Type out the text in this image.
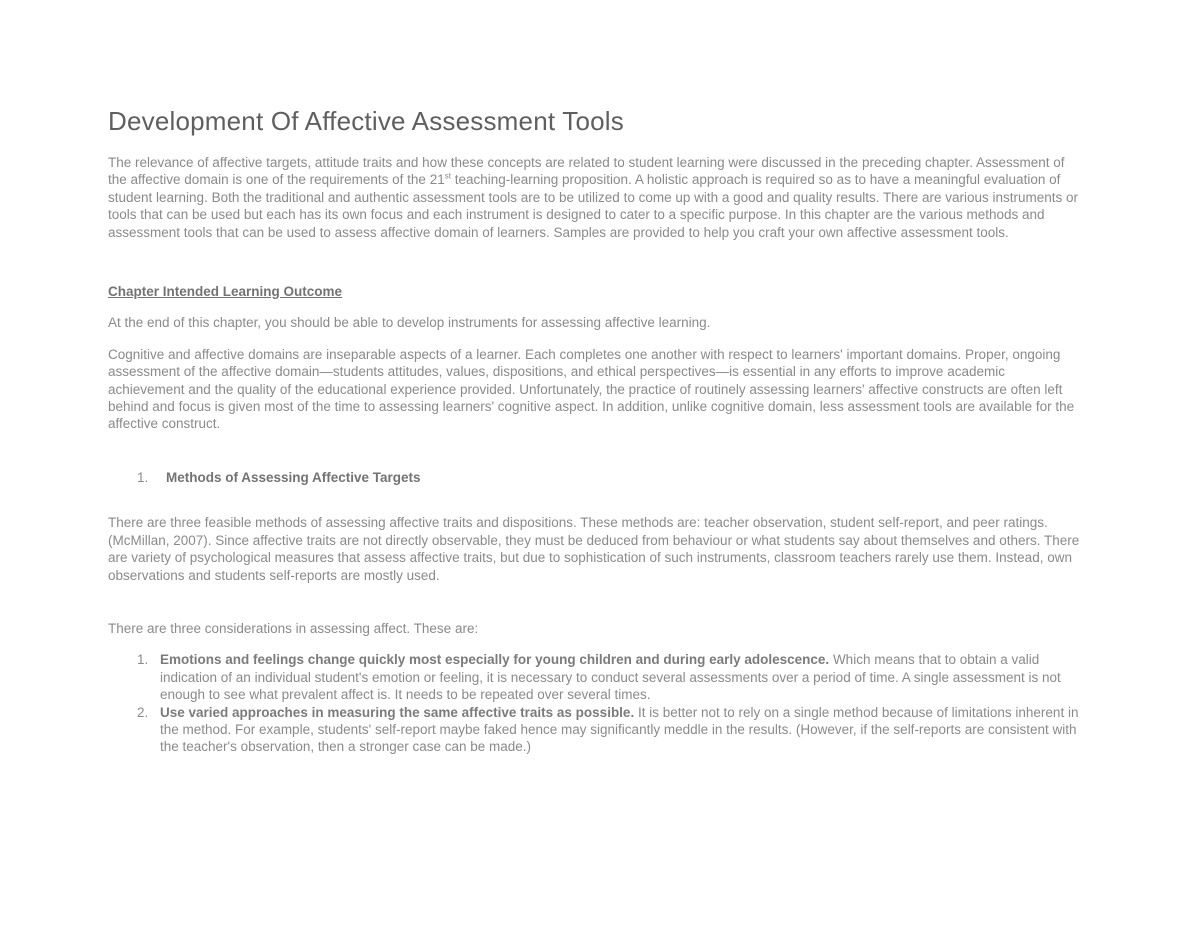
Development Of Affective Assessment Tools

The relevance of affective targets, attitude traits and how these concepts are related to student learning were discussed in the preceding chapter. Assessment of the affective domain is one of the requirements of the 21st teaching-learning proposition. A holistic approach is required so as to have a meaningful evaluation of student learning. Both the traditional and authentic assessment tools are to be utilized to come up with a good and quality results. There are various instruments or tools that can be used but each has its own focus and each instrument is designed to cater to a specific purpose. In this chapter are the various methods and assessment tools that can be used to assess affective domain of learners. Samples are provided to help you craft your own affective assessment tools.

Chapter Intended Learning Outcome

At the end of this chapter, you should be able to develop instruments for assessing affective learning.

Cognitive and affective domains are inseparable aspects of a learner. Each completes one another with respect to learners' important domains. Proper, ongoing assessment of the affective domain—students attitudes, values, dispositions, and ethical perspectives—is essential in any efforts to improve academic achievement and the quality of the educational experience provided. Unfortunately, the practice of routinely assessing learners' affective constructs are often left behind and focus is given most of the time to assessing learners' cognitive aspect. In addition, unlike cognitive domain, less assessment tools are available for the affective construct.

1.	Methods of Assessing Affective Targets

There are three feasible methods of assessing affective traits and dispositions. These methods are: teacher observation, student self-report, and peer ratings. (McMillan, 2007). Since affective traits are not directly observable, they must be deduced from behaviour or what students say about themselves and others. There are variety of psychological measures that assess affective traits, but due to sophistication of such instruments, classroom teachers rarely use them. Instead, own observations and students self-reports are mostly used.

There are three considerations in assessing affect. These are:

1. Emotions and feelings change quickly most especially for young children and during early adolescence. Which means that to obtain a valid indication of an individual student's emotion or feeling, it is necessary to conduct several assessments over a period of time. A single assessment is not enough to see what prevalent affect is. It needs to be repeated over several times.
2. Use varied approaches in measuring the same affective traits as possible. It is better not to rely on a single method because of limitations inherent in the method. For example, students' self-report maybe faked hence may significantly meddle in the results. (However, if the self-reports are consistent with the teacher's observation, then a stronger case can be made.)
